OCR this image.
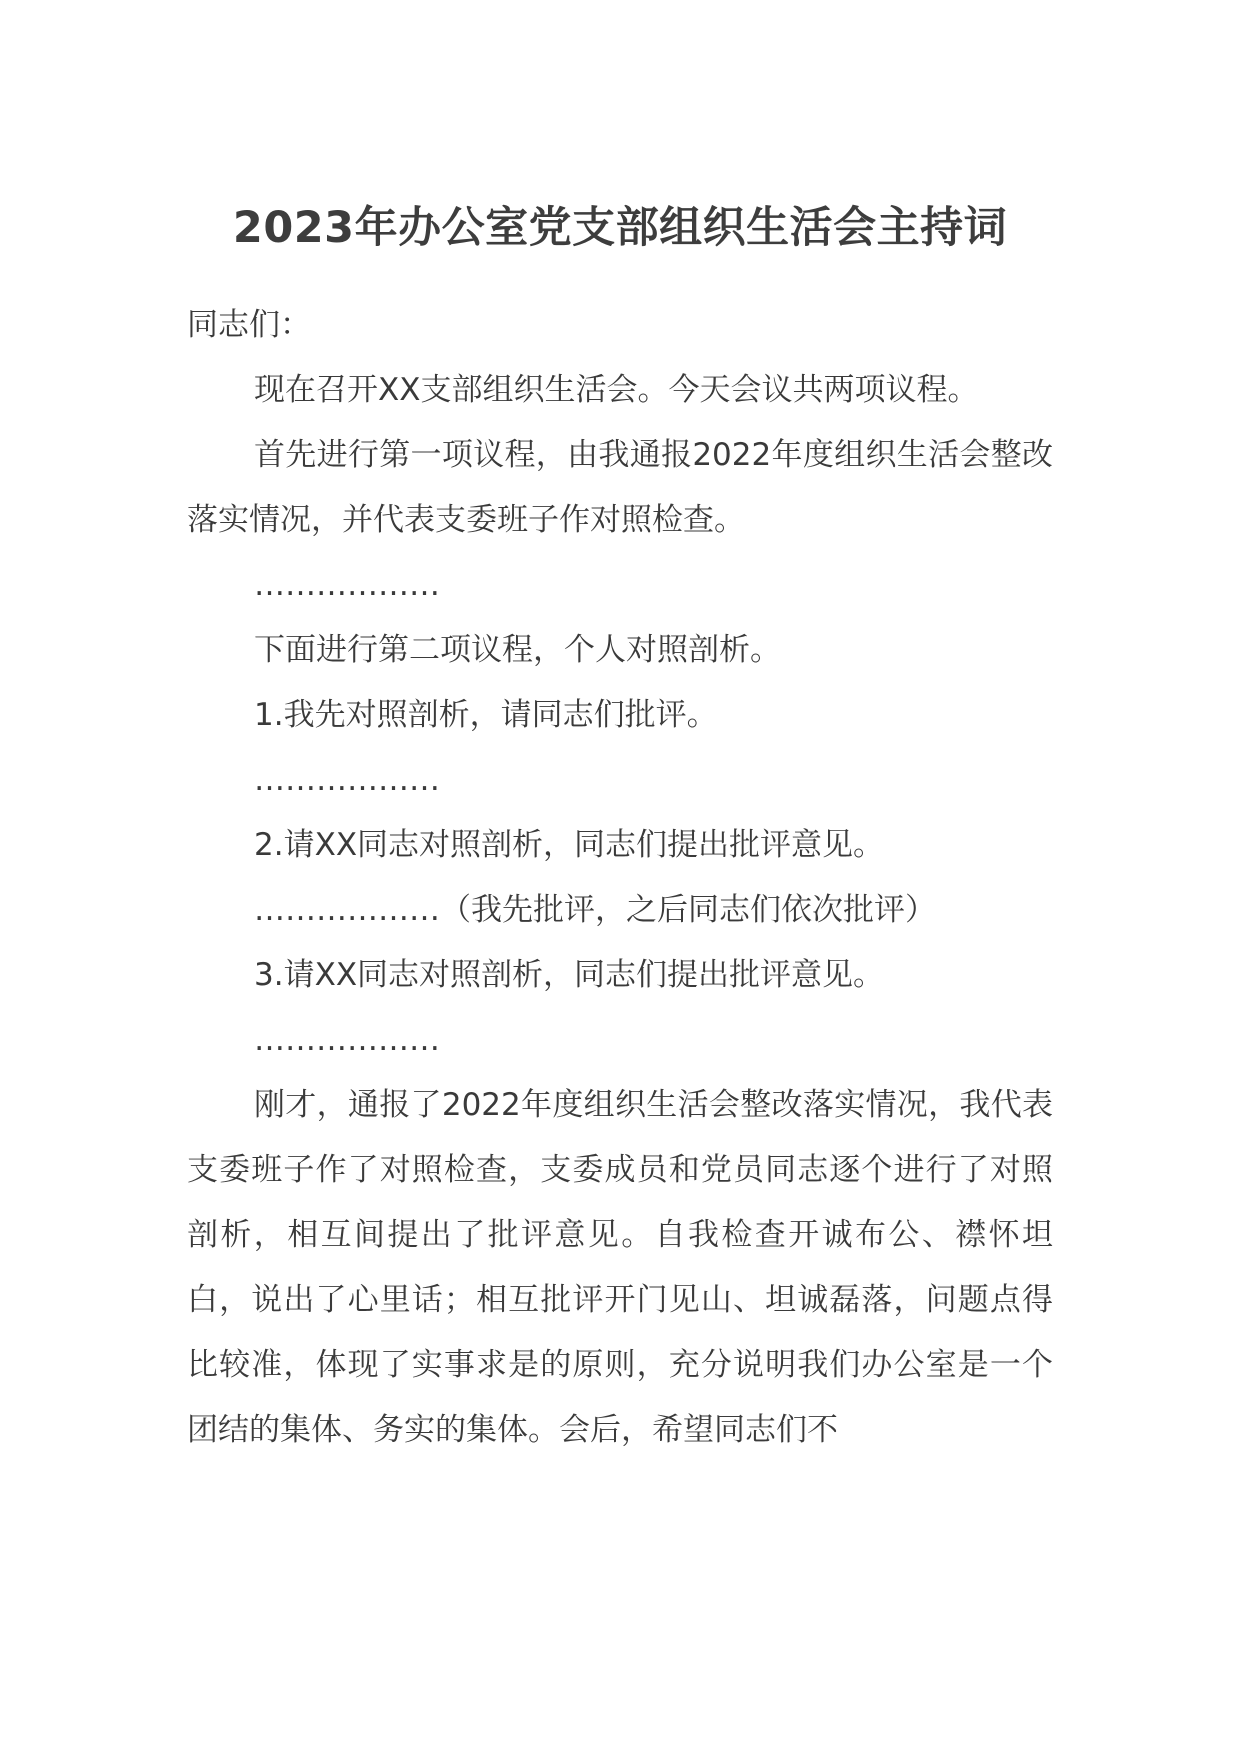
2023年办公室党支部组织生活会主持词

同志们：

现在召开XX支部组织生活会。今天会议共两项议程。

首先进行第一项议程，由我通报2022年度组织生活会整改落实情况，并代表支委班子作对照检查。

………………

下面进行第二项议程，个人对照剖析。

1.我先对照剖析，请同志们批评。

………………

2.请XX同志对照剖析，同志们提出批评意见。

………………（我先批评，之后同志们依次批评）

3.请XX同志对照剖析，同志们提出批评意见。

………………

刚才，通报了2022年度组织生活会整改落实情况，我代表支委班子作了对照检查，支委成员和党员同志逐个进行了对照剖析，相互间提出了批评意见。自我检查开诚布公、襟怀坦白，说出了心里话；相互批评开门见山、坦诚磊落，问题点得比较准，体现了实事求是的原则，充分说明我们办公室是一个团结的集体、务实的集体。会后，希望同志们不
